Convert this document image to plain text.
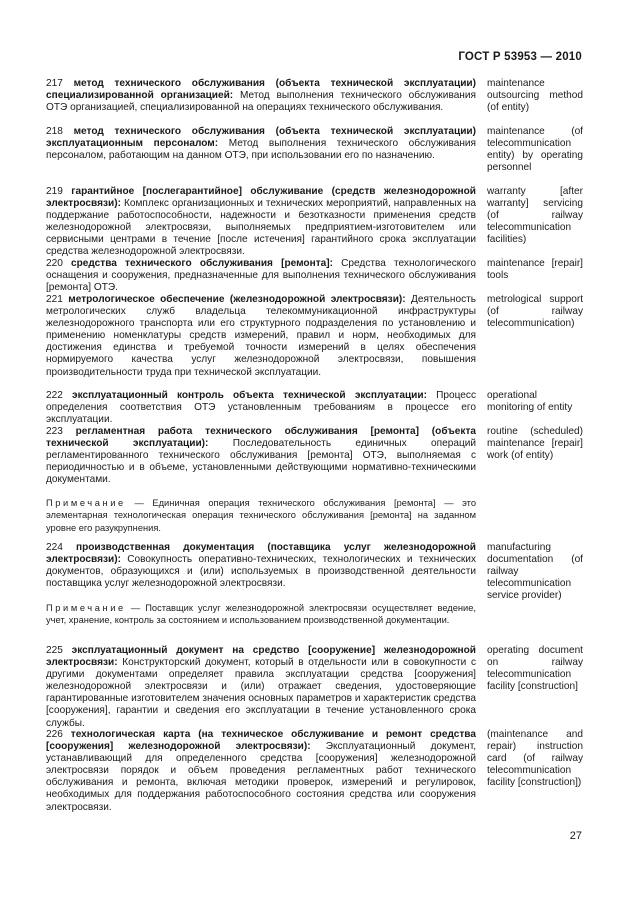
ГОСТ Р 53953 — 2010
217 метод технического обслуживания (объекта технической эксплуатации) специализированной организацией: Метод выполнения технического обслуживания ОТЭ организацией, специализированной на операциях технического обслуживания.
maintenance outsourcing method (of entity)
218 метод технического обслуживания (объекта технической эксплуатации) эксплуатационным персоналом: Метод выполнения технического обслуживания персоналом, работающим на данном ОТЭ, при использовании его по назначению.
maintenance (of telecommunication entity) by operating personnel
219 гарантийное [послегарантийное] обслуживание (средств железнодорожной электросвязи): Комплекс организационных и технических мероприятий, направленных на поддержание работоспособности, надежности и безотказности применения средств железнодорожной электросвязи, выполняемых предприятием-изготовителем или сервисными центрами в течение [после истечения] гарантийного срока эксплуатации средства железнодорожной электросвязи.
warranty [after warranty] servicing (of railway telecommunication facilities)
220 средства технического обслуживания [ремонта]: Средства технологического оснащения и сооружения, предназначенные для выполнения технического обслуживания [ремонта] ОТЭ.
maintenance [repair] tools
221 метрологическое обеспечение (железнодорожной электросвязи): Деятельность метрологических служб владельца телекоммуникационной инфраструктуры железнодорожного транспорта или его структурного подразделения по установлению и применению номенклатуры средств измерений, правил и норм, необходимых для достижения единства и требуемой точности измерений в целях обеспечения нормируемого качества услуг железнодорожной электросвязи, повышения производительности труда при технической эксплуатации.
metrological support (of railway telecommunication)
222 эксплуатационный контроль объекта технической эксплуатации: Процесс определения соответствия ОТЭ установленным требованиям в процессе его эксплуатации.
operational monitoring of entity
223 регламентная работа технического обслуживания [ремонта] (объекта технической эксплуатации): Последовательность единичных операций регламентированного технического обслуживания [ремонта] ОТЭ, выполняемая с периодичностью и в объеме, установленными действующими нормативно-техническими документами.
routine (scheduled) maintenance [repair] work (of entity)
Примечание — Единичная операция технического обслуживания [ремонта] — это элементарная технологическая операция технического обслуживания [ремонта] на заданном уровне его разукрупнения.
224 производственная документация (поставщика услуг железнодорожной электросвязи): Совокупность оперативно-технических, технологических и технических документов, образующихся и (или) используемых в производственной деятельности поставщика услуг железнодорожной электросвязи.
manufacturing documentation (of railway telecommunication service provider)
Примечание — Поставщик услуг железнодорожной электросвязи осуществляет ведение, учет, хранение, контроль за состоянием и использованием производственной документации.
225 эксплуатационный документ на средство [сооружение] железнодорожной электросвязи: Конструкторский документ, который в отдельности или в совокупности с другими документами определяет правила эксплуатации средства [сооружения] железнодорожной электросвязи и (или) отражает сведения, удостоверяющие гарантированные изготовителем значения основных параметров и характеристик средства [сооружения], гарантии и сведения его эксплуатации в течение установленного срока службы.
operating document on railway telecommunication facility [construction]
226 технологическая карта (на техническое обслуживание и ремонт средства [сооружения] железнодорожной электросвязи): Эксплуатационный документ, устанавливающий для определенного средства [сооружения] железнодорожной электросвязи порядок и объем проведения регламентных работ технического обслуживания и ремонта, включая методики проверок, измерений и регулировок, необходимых для поддержания работоспособного состояния средства или сооружения электросвязи.
(maintenance and repair) instruction card (of railway telecommunication facility [construction])
27
